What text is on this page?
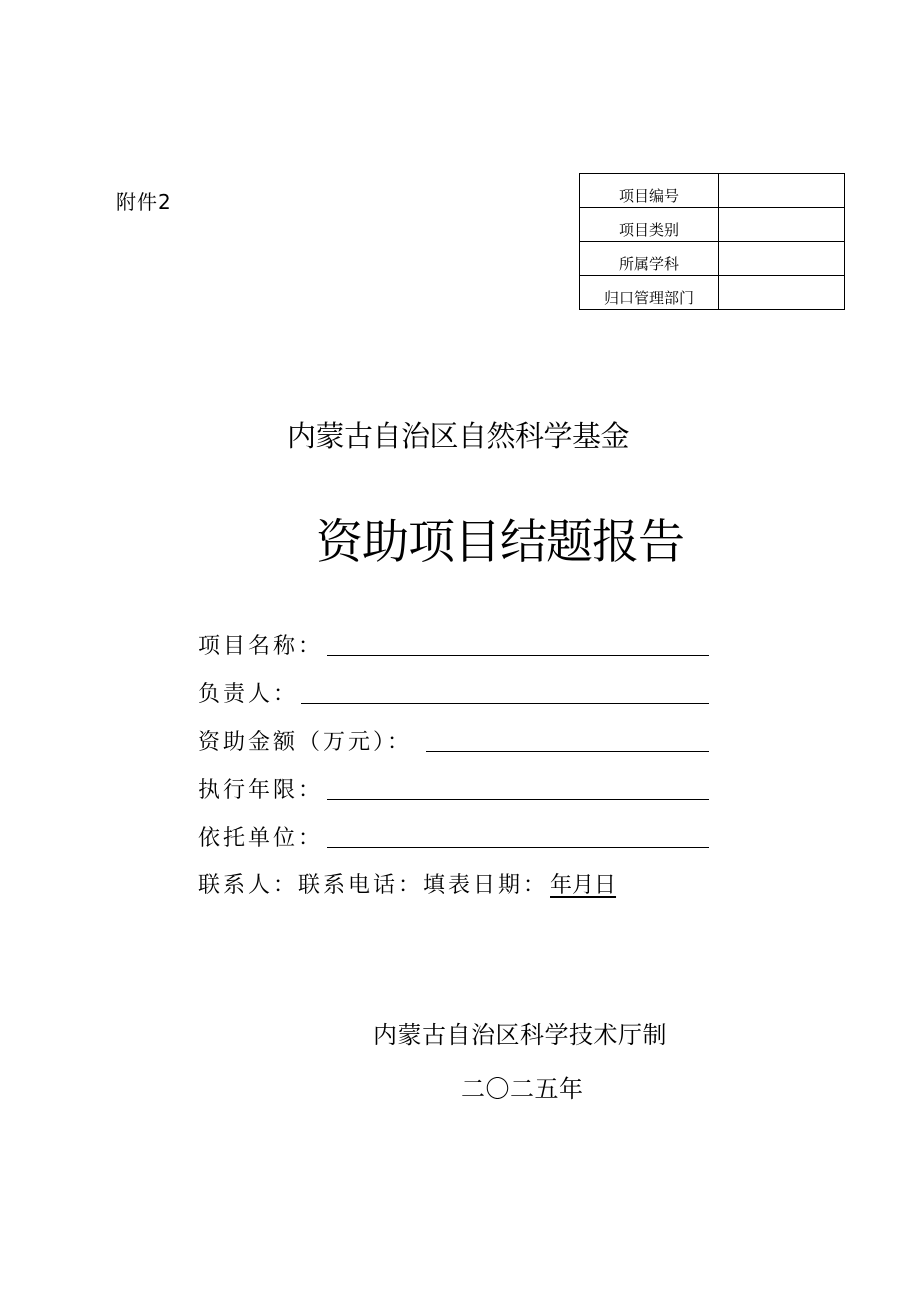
附件2	项目编号	
项目类别	
所属学科	
归口管理部门	
内蒙古自治区自然科学基金
资助项目结题报告
项目名称：
负责人：
资助金额（万元）：
执行年限：
依托单位：
联系人：联系电话：填表日期：年月日
内蒙古自治区科学技术厅制
二〇二五年
